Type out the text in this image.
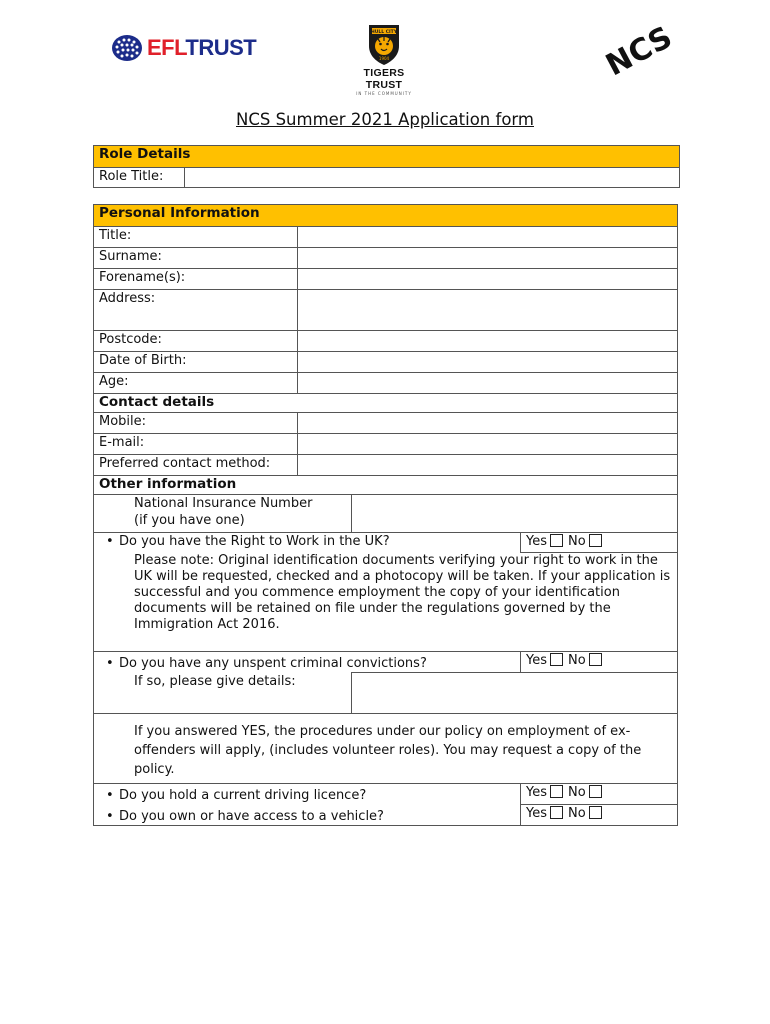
EFLTRUST
HULL CITY
1904
TIGERS TRUST
IN THE COMMUNITY
NCS
NCS Summer 2021 Application form
Role Details
Role Title:	
Personal Information			
Title:			
Surname:			
Forename(s):			
Address:			
Postcode:			
Date of Birth:			
Age:			
Contact details			
Mobile:			
E-mail:			
Preferred contact method:			
Other information			

National Insurance Number
(if you have one)			

• Do you have the Right to Work in the UK?			Yes No
Please note: Original identification documents verifying your right to work in the UK will be requested, checked and a photocopy will be taken. If your application is successful and you commence employment the copy of your identification documents will be retained on file under the regulations governed by the Immigration Act 2016.			
• Do you have any unspent criminal convictions?			Yes No
If so, please give details:			
If you answered YES, the procedures under our policy on employment of ex-offenders will apply, (includes volunteer roles). You may request a copy of the policy.			
• Do you hold a current driving licence?			Yes No
• Do you own or have access to a vehicle?			Yes No
